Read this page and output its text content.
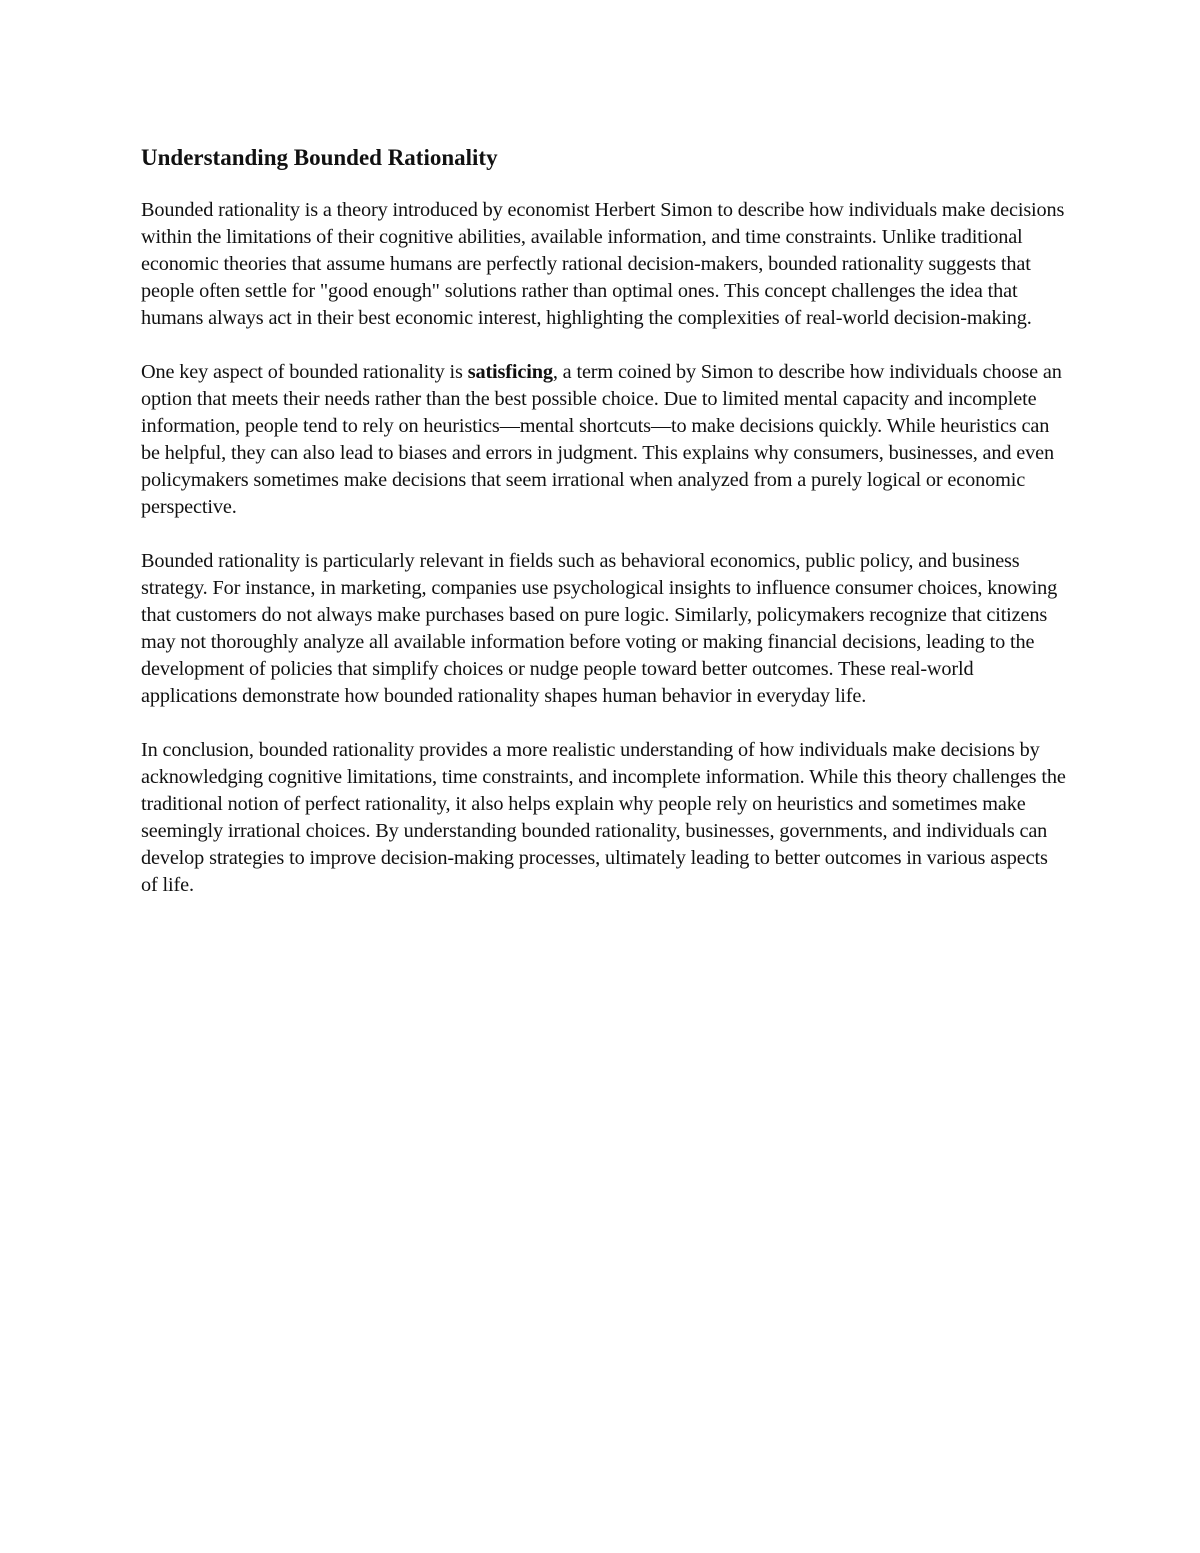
Understanding Bounded Rationality

Bounded rationality is a theory introduced by economist Herbert Simon to describe how individuals make decisions within the limitations of their cognitive abilities, available information, and time constraints. Unlike traditional economic theories that assume humans are perfectly rational decision-makers, bounded rationality suggests that people often settle for "good enough" solutions rather than optimal ones. This concept challenges the idea that humans always act in their best economic interest, highlighting the complexities of real-world decision-making.

One key aspect of bounded rationality is satisficing, a term coined by Simon to describe how individuals choose an option that meets their needs rather than the best possible choice. Due to limited mental capacity and incomplete information, people tend to rely on heuristics—mental shortcuts—to make decisions quickly. While heuristics can be helpful, they can also lead to biases and errors in judgment. This explains why consumers, businesses, and even policymakers sometimes make decisions that seem irrational when analyzed from a purely logical or economic perspective.

Bounded rationality is particularly relevant in fields such as behavioral economics, public policy, and business strategy. For instance, in marketing, companies use psychological insights to influence consumer choices, knowing that customers do not always make purchases based on pure logic. Similarly, policymakers recognize that citizens may not thoroughly analyze all available information before voting or making financial decisions, leading to the development of policies that simplify choices or nudge people toward better outcomes. These real-world applications demonstrate how bounded rationality shapes human behavior in everyday life.

In conclusion, bounded rationality provides a more realistic understanding of how individuals make decisions by acknowledging cognitive limitations, time constraints, and incomplete information. While this theory challenges the traditional notion of perfect rationality, it also helps explain why people rely on heuristics and sometimes make seemingly irrational choices. By understanding bounded rationality, businesses, governments, and individuals can develop strategies to improve decision-making processes, ultimately leading to better outcomes in various aspects of life.
